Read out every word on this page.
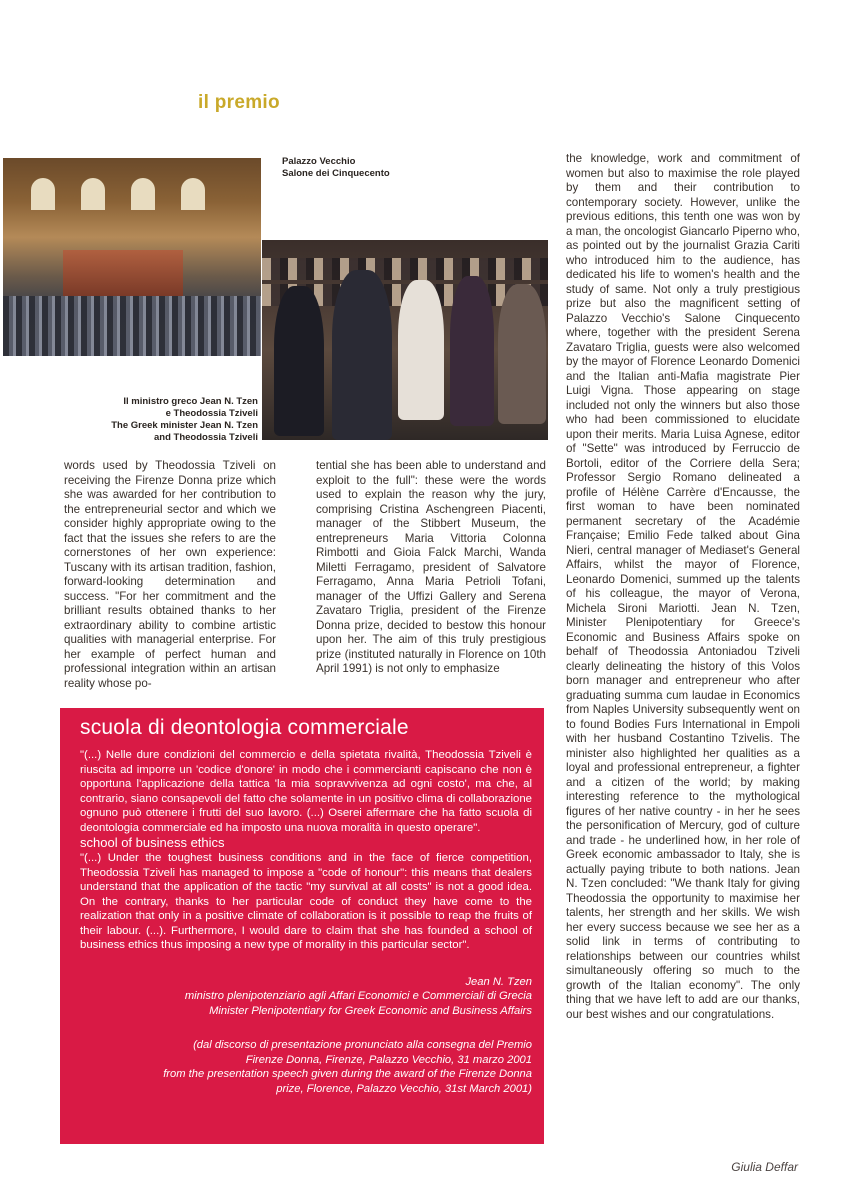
il premio
Palazzo Vecchio
Salone dei Cinquecento
Il ministro greco Jean N. Tzen
e Theodossia Tziveli
The Greek minister Jean N. Tzen
and Theodossia Tziveli
words used by Theodossia Tziveli on receiving the Firenze Donna prize which she was awarded for her contribution to the entrepreneurial sector and which we consider highly appropriate owing to the fact that the issues she refers to are the cornerstones of her own experience: Tuscany with its artisan tradition, fashion, forward-looking determination and success. "For her commitment and the brilliant results obtained thanks to her extraordinary ability to combine artistic qualities with managerial enterprise. For her example of perfect human and professional integration within an artisan reality whose po-
tential she has been able to understand and exploit to the full": these were the words used to explain the reason why the jury, comprising Cristina Aschengreen Piacenti, manager of the Stibbert Museum, the entrepreneurs Maria Vittoria Colonna Rimbotti and Gioia Falck Marchi, Wanda Miletti Ferragamo, president of Salvatore Ferragamo, Anna Maria Petrioli Tofani, manager of the Uffizi Gallery and Serena Zavataro Triglia, president of the Firenze Donna prize, decided to bestow this honour upon her. The aim of this truly prestigious prize (instituted naturally in Florence on 10th April 1991) is not only to emphasize
the knowledge, work and commitment of women but also to maximise the role played by them and their contribution to contemporary society. However, unlike the previous editions, this tenth one was won by a man, the oncologist Giancarlo Piperno who, as pointed out by the journalist Grazia Cariti who introduced him to the audience, has dedicated his life to women's health and the study of same. Not only a truly prestigious prize but also the magnificent setting of Palazzo Vecchio's Salone Cinquecento where, together with the president Serena Zavataro Triglia, guests were also welcomed by the mayor of Florence Leonardo Domenici and the Italian anti-Mafia magistrate Pier Luigi Vigna. Those appearing on stage included not only the winners but also those who had been commissioned to elucidate upon their merits. Maria Luisa Agnese, editor of "Sette" was introduced by Ferruccio de Bortoli, editor of the Corriere della Sera; Professor Sergio Romano delineated a profile of Hélène Carrère d'Encausse, the first woman to have been nominated permanent secretary of the Académie Française; Emilio Fede talked about Gina Nieri, central manager of Mediaset's General Affairs, whilst the mayor of Florence, Leonardo Domenici, summed up the talents of his colleague, the mayor of Verona, Michela Sironi Mariotti. Jean N. Tzen, Minister Plenipotentiary for Greece's Economic and Business Affairs spoke on behalf of Theodossia Antoniadou Tziveli clearly delineating the history of this Volos born manager and entrepreneur who after graduating summa cum laudae in Economics from Naples University subsequently went on to found Bodies Furs International in Empoli with her husband Costantino Tzivelis. The minister also highlighted her qualities as a loyal and professional entrepreneur, a fighter and a citizen of the world; by making interesting reference to the mythological figures of her native country - in her he sees the personification of Mercury, god of culture and trade - he underlined how, in her role of Greek economic ambassador to Italy, she is actually paying tribute to both nations. Jean N. Tzen concluded: "We thank Italy for giving Theodossia the opportunity to maximise her talents, her strength and her skills. We wish her every success because we see her as a solid link in terms of contributing to relationships between our countries whilst simultaneously offering so much to the growth of the Italian economy". The only thing that we have left to add are our thanks, our best wishes and our congratulations.
scuola di deontologia commerciale

"(...) Nelle dure condizioni del commercio e della spietata rivalità, Theodossia Tziveli è riuscita ad imporre un 'codice d'onore' in modo che i commercianti capiscano che non è opportuna l'applicazione della tattica 'la mia sopravvivenza ad ogni costo', ma che, al contrario, siano consapevoli del fatto che solamente in un positivo clima di collaborazione ognuno può ottenere i frutti del suo lavoro. (...) Oserei affermare che ha fatto scuola di deontologia commerciale ed ha imposto una nuova moralità in questo operare".

school of business ethics

"(...) Under the toughest business conditions and in the face of fierce competition, Theodossia Tziveli has managed to impose a "code of honour": this means that dealers understand that the application of the tactic "my survival at all costs" is not a good idea. On the contrary, thanks to her particular code of conduct they have come to the realization that only in a positive climate of collaboration is it possible to reap the fruits of their labour. (...). Furthermore, I would dare to claim that she has founded a school of business ethics thus imposing a new type of morality in this particular sector".

Jean N. Tzen
ministro plenipotenziario agli Affari Economici e Commerciali di Grecia
Minister Plenipotentiary for Greek Economic and Business Affairs
(dal discorso di presentazione pronunciato alla consegna del Premio
Firenze Donna, Firenze, Palazzo Vecchio, 31 marzo 2001
from the presentation speech given during the award of the Firenze Donna
prize, Florence, Palazzo Vecchio, 31st March 2001)
Giulia Deffar
